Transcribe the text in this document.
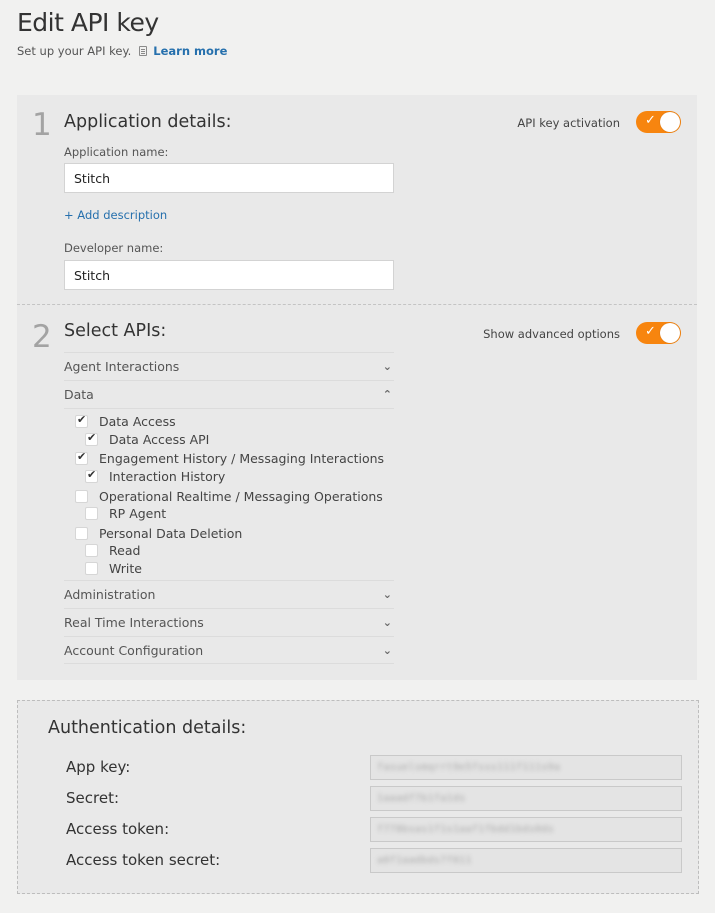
Edit API key
Set up your API key. Learn more
1 Application details:	API key activation ✓
Application name:
Stitch
+ Add description
Developer name:
Stitch
2 Select APIs:	Show advanced options ✓
Agent Interactions	⌄
Data	⌃
✔
Data Access
✔
Data Access API
✔
Engagement History / Messaging Interactions
✔
Interaction History
Operational Realtime / Messaging Operations
RP Agent
Personal Data Deletion
Read
Write
Administration	⌄
Real Time Interactions	⌄
Account Configuration	⌄
Authentication details:
App key:	fasuelsmqrrt9e5fsss111f111s9a
Secret:	1aaadf7b1fa1ds
Access token:	f778bsas1f1s1aaf1fbdd1bds0ds
Access token secret:	a0f1aadbds7f011
